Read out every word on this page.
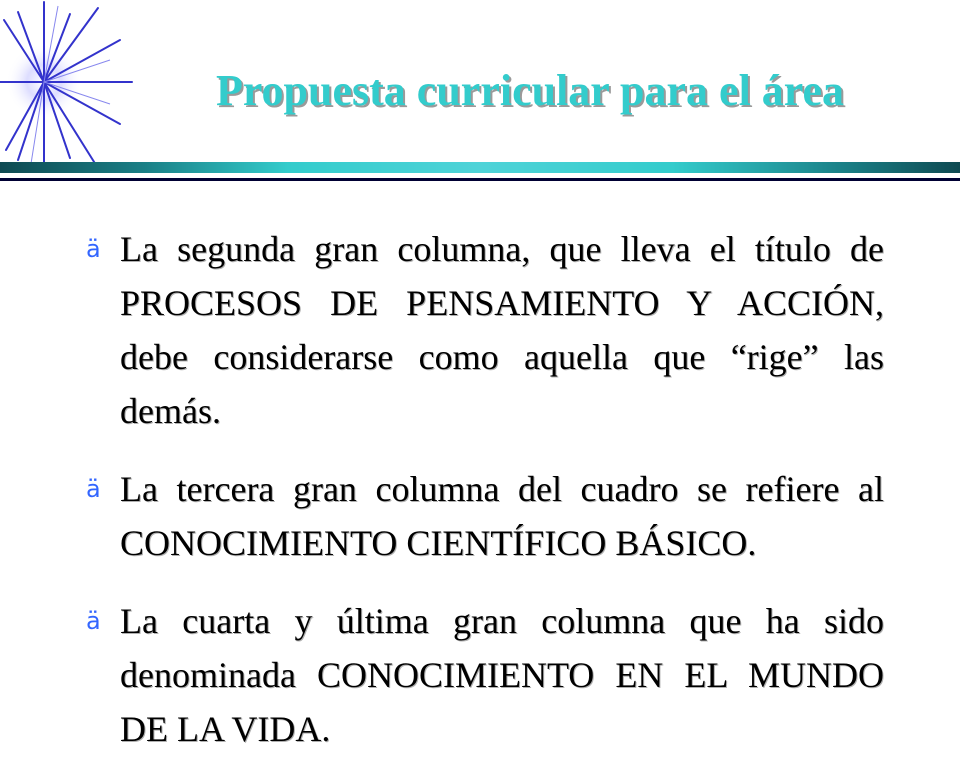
Propuesta curricular para el área
ä La segunda gran columna, que lleva el título de PROCESOS DE PENSAMIENTO Y ACCIÓN, debe considerarse como aquella que “rige” las demás.
ä La tercera gran columna del cuadro se refiere al CONOCIMIENTO CIENTÍFICO BÁSICO.
ä La cuarta y última gran columna que ha sido denominada CONOCIMIENTO EN EL MUNDO DE LA VIDA.
